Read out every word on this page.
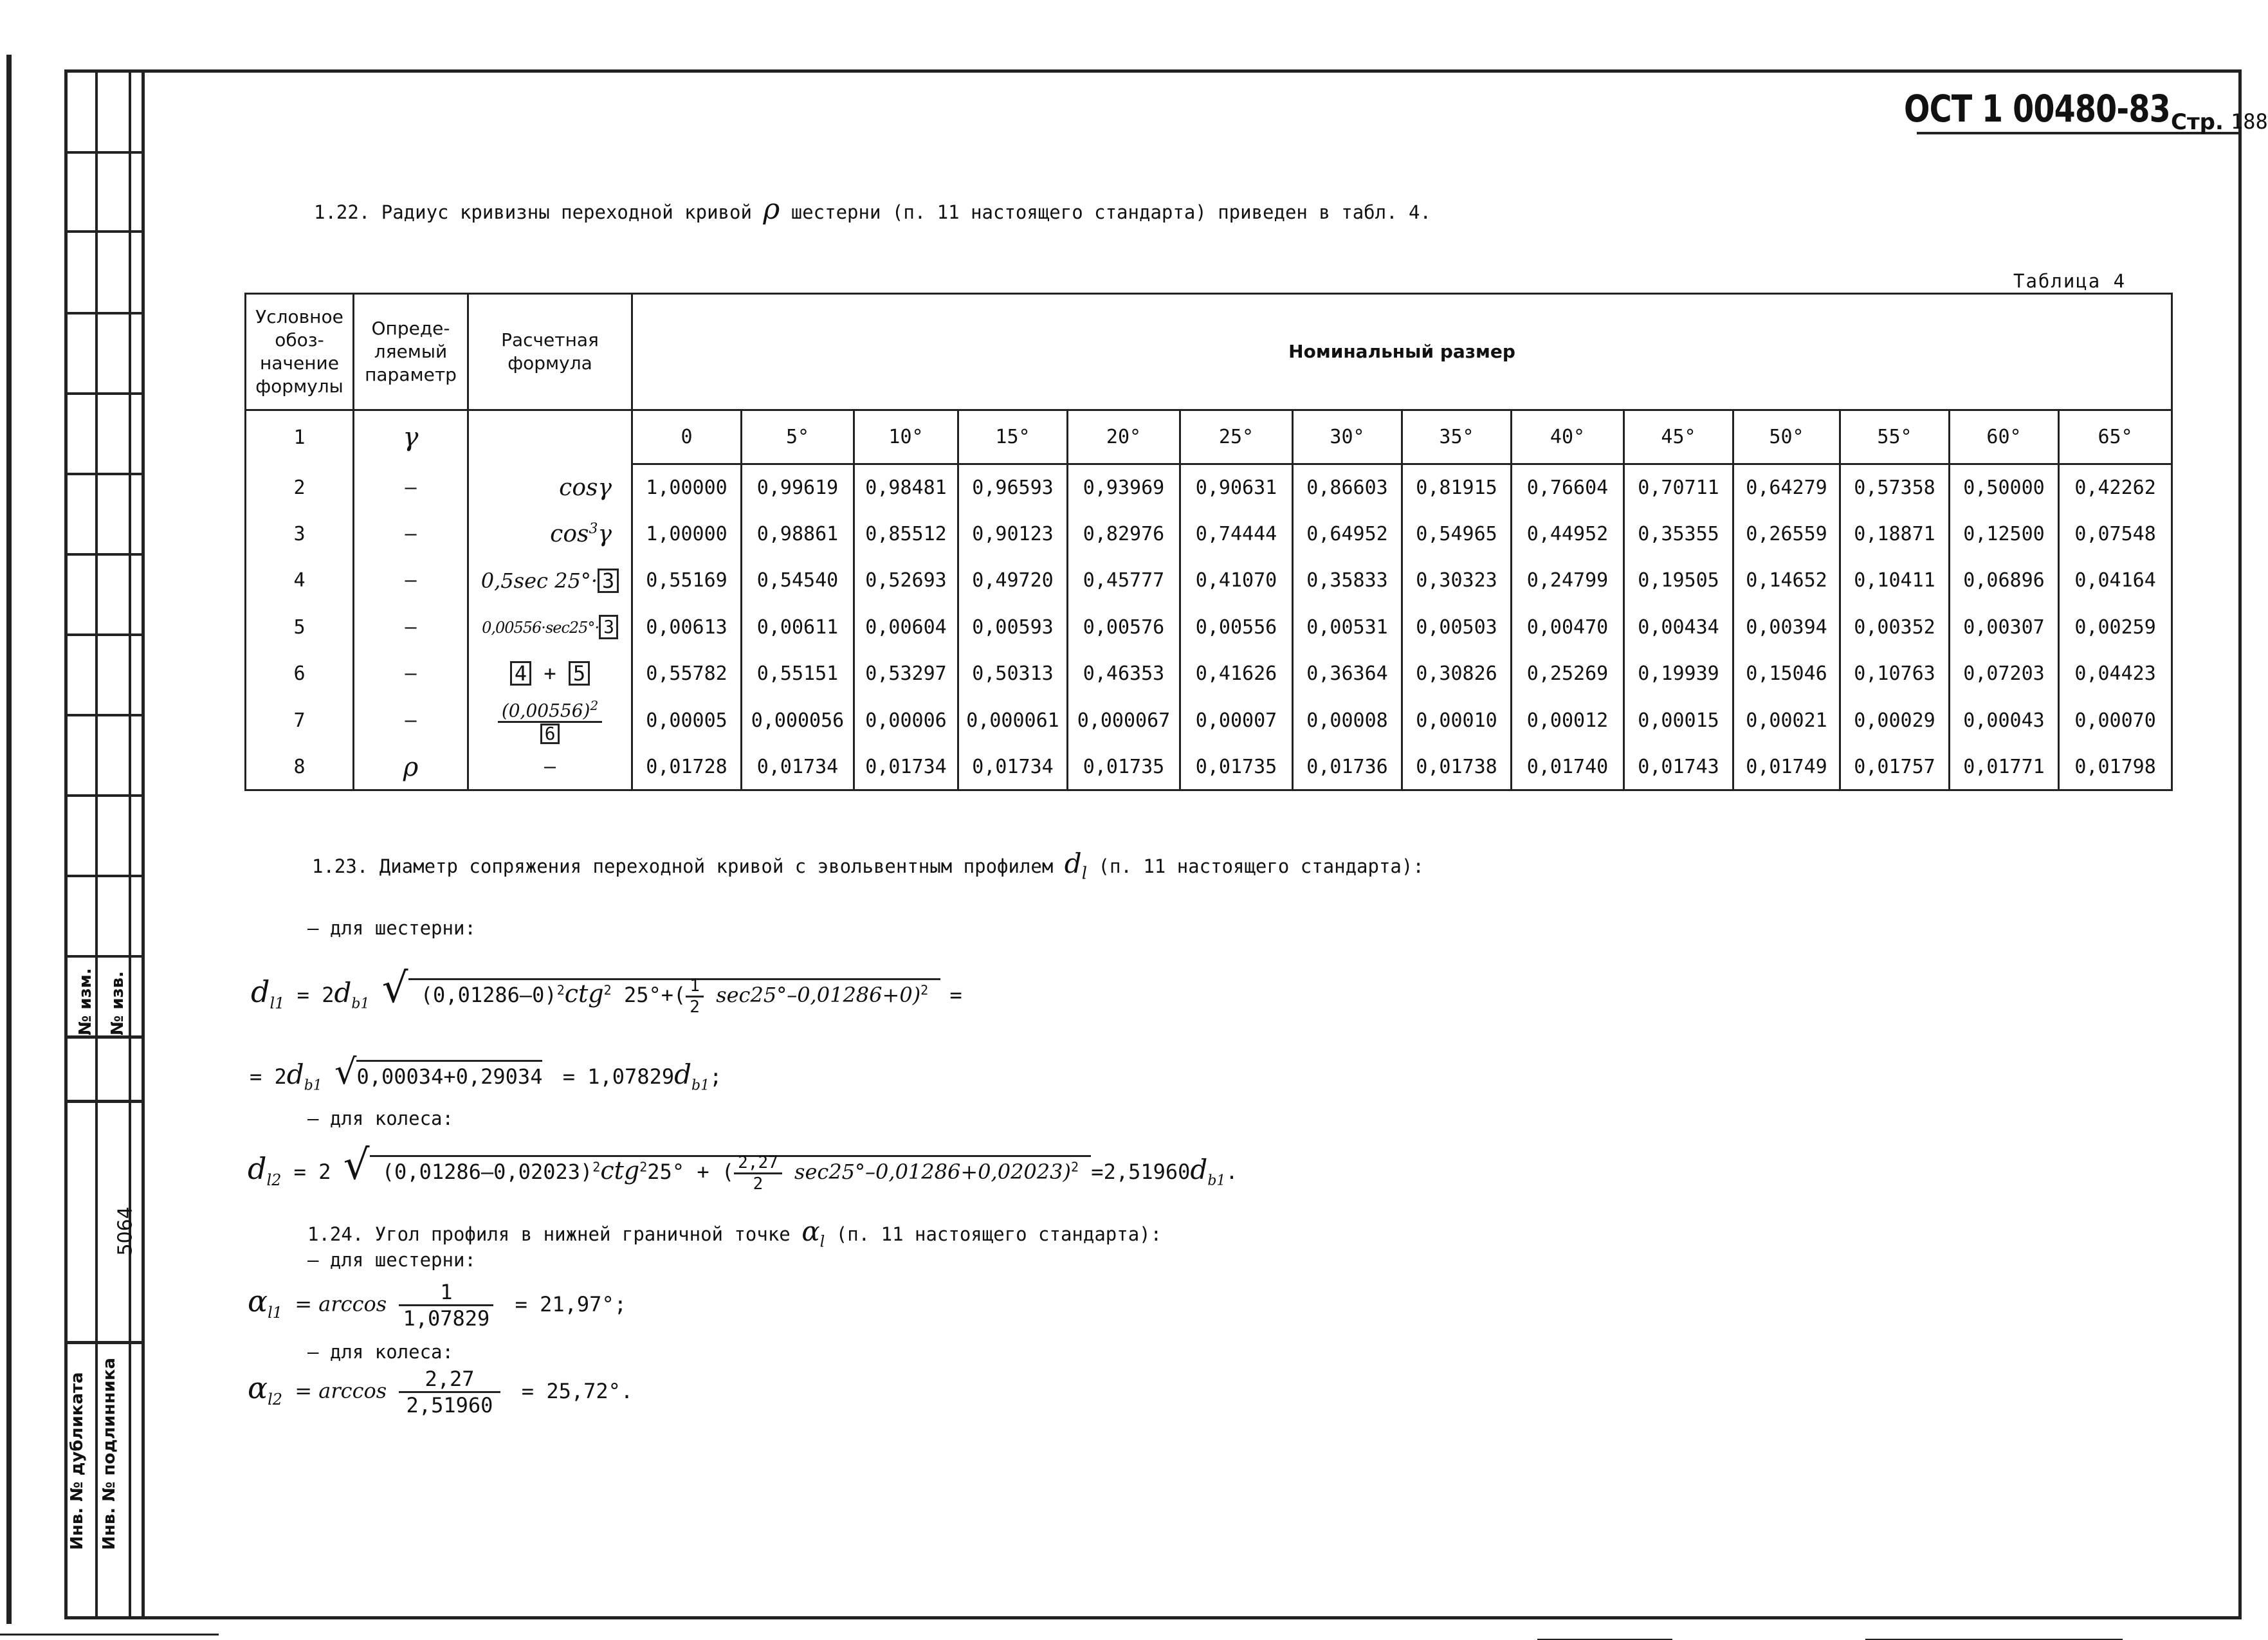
№ изм. № изв.
5064
Инв. № дубликата Инв. № подлинника
ОСТ 1 00480-83 Стр. 188
1.22. Радиус кривизны переходной кривой ρ шестерни (п. 11 настоящего стандарта) приведен в табл. 4.
Таблица 4
Условное обоз- начение формулы	Опреде- ляемый параметр	Расчетная формула	Номинальный размер													
1	γ		0	5°	10°	15°	20°	25°	30°	35°	40°	45°	50°	55°	60°	65°
2	–	cosγ	1,00000	0,99619	0,98481	0,96593	0,93969	0,90631	0,86603	0,81915	0,76604	0,70711	0,64279	0,57358	0,50000	0,42262
3	–	$\cos^3\gamma$	1,00000	0,98861	0,85512	0,90123	0,82976	0,74444	0,64952	0,54965	0,44952	0,35355	0,26559	0,18871	0,12500	0,07548
4	–	0,5sec 25°· 3	0,55169	0,54540	0,52693	0,49720	0,45777	0,41070	0,35833	0,30323	0,24799	0,19505	0,14652	0,10411	0,06896	0,04164
5	–	0,00556·sec25°· 3	0,00613	0,00611	0,00604	0,00593	0,00576	0,00556	0,00531	0,00503	0,00470	0,00434	0,00394	0,00352	0,00307	0,00259
6	–	4 + 5	0,55782	0,55151	0,53297	0,50313	0,46353	0,41626	0,36364	0,30826	0,25269	0,19939	0,15046	0,10763	0,07203	0,04423
7	–	$\frac{(0,00556)^2}{6}$	0,00005	0,000056	0,00006	0,000061	0,000067	0,00007	0,00008	0,00010	0,00012	0,00015	0,00021	0,00029	0,00043	0,00070
8	ρ	–	0,01728	0,01734	0,01734	0,01734	0,01735	0,01735	0,01736	0,01738	0,01740	0,01743	0,01749	0,01757	0,01771	0,01798
1.23. Диаметр сопряжения переходной кривой с эвольвентным профилем $d_l$ (п. 11 настоящего стандарта):
– для шестерни:
$d_{l1} = 2d_{b1}$ √ $(0,01286-0)^2ctg^2$ $25^\circ+( \frac{1}{2} \sec 25^\circ-0,01286+0)^2$ =
= $2d_{b1}$ $√0,00034+0,29034 = 1,07829d_{b1}$;
– для колеса:
$d_{l2} = 2$ √ $(0,01286-0,02023)^2ctg^225^\circ$ + ( $\frac{2,27}{2} \sec 25^\circ-0,01286+0,02023)^2 =2,51960d_{b1}$.
1.24. Угол профиля в нижней граничной точке $\alpha_l$ (п. 11 настоящего стандарта):
– для шестерни:
$\alpha_{l1} = \arccos \frac{1}{1,07829} = 21,97^\circ$;
– для колеса:
$\alpha_{l2} = \arccos \frac{2,27}{2,51960} = 25,72^\circ$.
